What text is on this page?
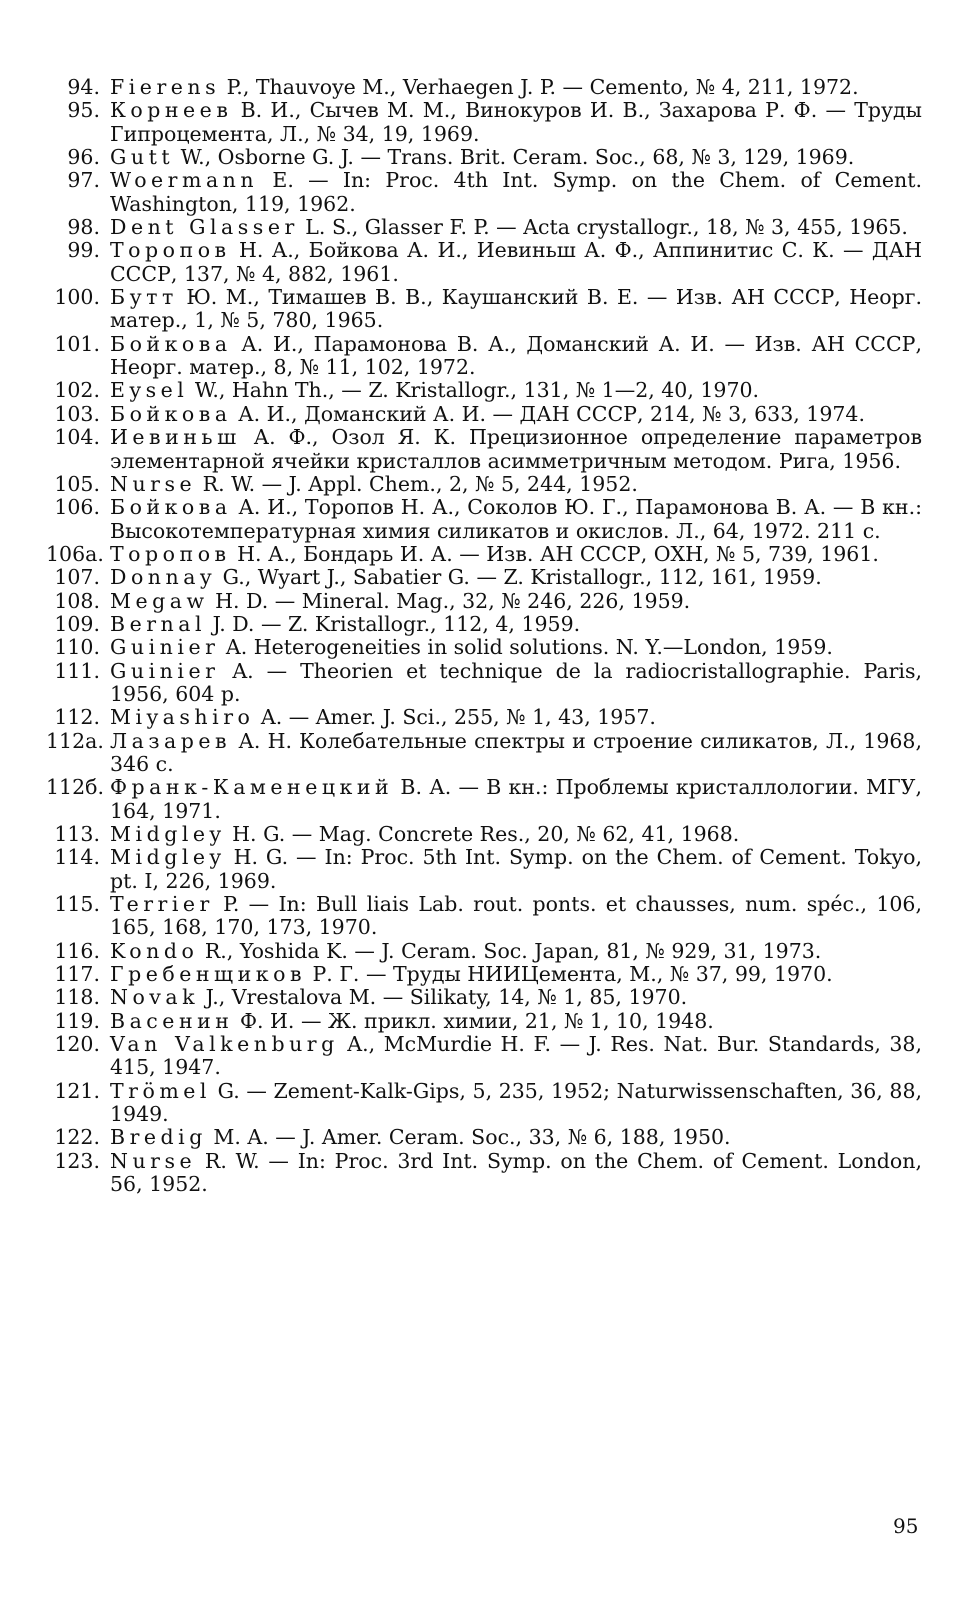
94. Fierens P., Thauvoye M., Verhaegen J. P. — Cemento, № 4, 211, 1972.
95. Корнеев В. И., Сычев М. М., Винокуров И. В., Захарова Р. Ф. — Труды Гипроцемента, Л., № 34, 19, 1969.
96. Gutt W., Osborne G. J. — Trans. Brit. Ceram. Soc., 68, № 3, 129, 1969.
97. Woermann E. — In: Proc. 4th Int. Symp. on the Chem. of Cement. Washington, 119, 1962.
98. Dent Glasser L. S., Glasser F. P. — Acta crystallogr., 18, № 3, 455, 1965.
99. Торопов Н. А., Бойкова А. И., Иевиньш А. Ф., Аппинитис С. К. — ДАН СССР, 137, № 4, 882, 1961.
100. Бутт Ю. М., Тимашев В. В., Каушанский В. Е. — Изв. АН СССР, Неорг. матер., 1, № 5, 780, 1965.
101. Бойкова А. И., Парамонова В. А., Доманский А. И. — Изв. АН СССР, Неорг. матер., 8, № 11, 102, 1972.
102. Eysel W., Hahn Th., — Z. Kristallogr., 131, № 1—2, 40, 1970.
103. Бойкова А. И., Доманский А. И. — ДАН СССР, 214, № 3, 633, 1974.
104. Иевиньш А. Ф., Озол Я. К. Прецизионное определение параметров элементарной ячейки кристаллов асимметричным методом. Рига, 1956.
105. Nurse R. W. — J. Appl. Chem., 2, № 5, 244, 1952.
106. Бойкова А. И., Торопов Н. А., Соколов Ю. Г., Парамонова В. А. — В кн.: Высокотемпературная химия силикатов и окислов. Л., 64, 1972. 211 с.
106а. Торопов Н. А., Бондарь И. А. — Изв. АН СССР, ОХН, № 5, 739, 1961.
107. Donnay G., Wyart J., Sabatier G. — Z. Kristallogr., 112, 161, 1959.
108. Megaw H. D. — Mineral. Mag., 32, № 246, 226, 1959.
109. Bernal J. D. — Z. Kristallogr., 112, 4, 1959.
110. Guinier A. Heterogeneities in solid solutions. N. Y.—London, 1959.
111. Guinier A. — Theorien et technique de la radiocristallographie. Paris, 1956, 604 p.
112. Miyashiro A. — Amer. J. Sci., 255, № 1, 43, 1957.
112а. Лазарев А. Н. Колебательные спектры и строение силикатов, Л., 1968, 346 с.
112б. Франк-Каменецкий В. А. — В кн.: Проблемы кристаллологии. МГУ, 164, 1971.
113. Midgley H. G. — Mag. Concrete Res., 20, № 62, 41, 1968.
114. Midgley H. G. — In: Proc. 5th Int. Symp. on the Chem. of Cement. Tokyo, pt. I, 226, 1969.
115. Terrier P. — In: Bull liais Lab. rout. ponts. et chausses, num. spéc., 106, 165, 168, 170, 173, 1970.
116. Kondo R., Yoshida K. — J. Ceram. Soc. Japan, 81, № 929, 31, 1973.
117. Гребенщиков Р. Г. — Труды НИИЦемента, М., № 37, 99, 1970.
118. Novak J., Vrestalova M. — Silikaty, 14, № 1, 85, 1970.
119. Васенин Ф. И. — Ж. прикл. химии, 21, № 1, 10, 1948.
120. Van Valkenburg A., McMurdie H. F. — J. Res. Nat. Bur. Standards, 38, 415, 1947.
121. Trömel G. — Zement-Kalk-Gips, 5, 235, 1952; Naturwissenschaften, 36, 88, 1949.
122. Bredig M. A. — J. Amer. Ceram. Soc., 33, № 6, 188, 1950.
123. Nurse R. W. — In: Proc. 3rd Int. Symp. on the Chem. of Cement. London, 56, 1952.
95
